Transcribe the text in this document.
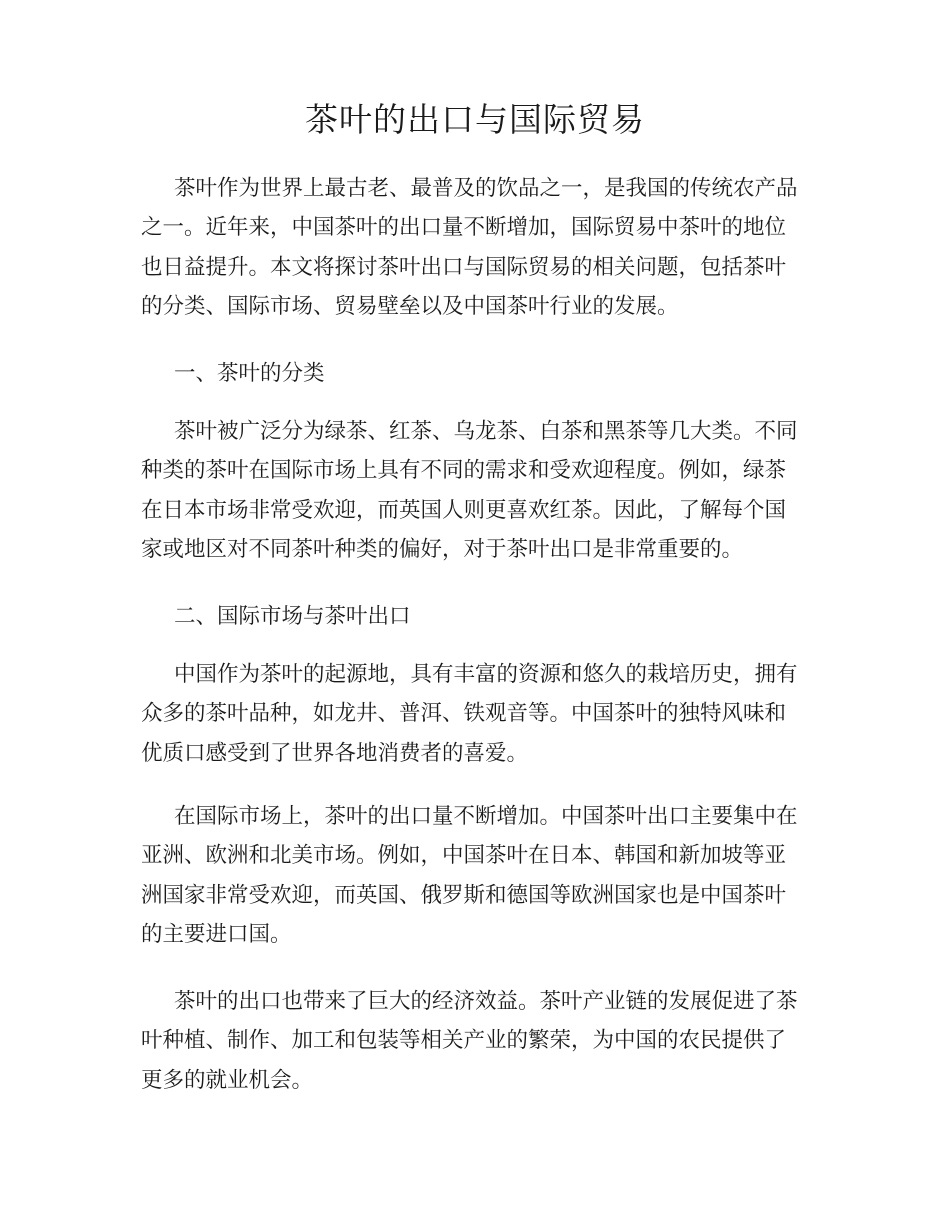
茶叶的出口与国际贸易

茶叶作为世界上最古老、最普及的饮品之一，是我国的传统农产品之一。近年来，中国茶叶的出口量不断增加，国际贸易中茶叶的地位也日益提升。本文将探讨茶叶出口与国际贸易的相关问题，包括茶叶的分类、国际市场、贸易壁垒以及中国茶叶行业的发展。

一、茶叶的分类

茶叶被广泛分为绿茶、红茶、乌龙茶、白茶和黑茶等几大类。不同种类的茶叶在国际市场上具有不同的需求和受欢迎程度。例如，绿茶在日本市场非常受欢迎，而英国人则更喜欢红茶。因此，了解每个国家或地区对不同茶叶种类的偏好，对于茶叶出口是非常重要的。

二、国际市场与茶叶出口

中国作为茶叶的起源地，具有丰富的资源和悠久的栽培历史，拥有众多的茶叶品种，如龙井、普洱、铁观音等。中国茶叶的独特风味和优质口感受到了世界各地消费者的喜爱。

在国际市场上，茶叶的出口量不断增加。中国茶叶出口主要集中在亚洲、欧洲和北美市场。例如，中国茶叶在日本、韩国和新加坡等亚洲国家非常受欢迎，而英国、俄罗斯和德国等欧洲国家也是中国茶叶的主要进口国。

茶叶的出口也带来了巨大的经济效益。茶叶产业链的发展促进了茶叶种植、制作、加工和包装等相关产业的繁荣，为中国的农民提供了更多的就业机会。
